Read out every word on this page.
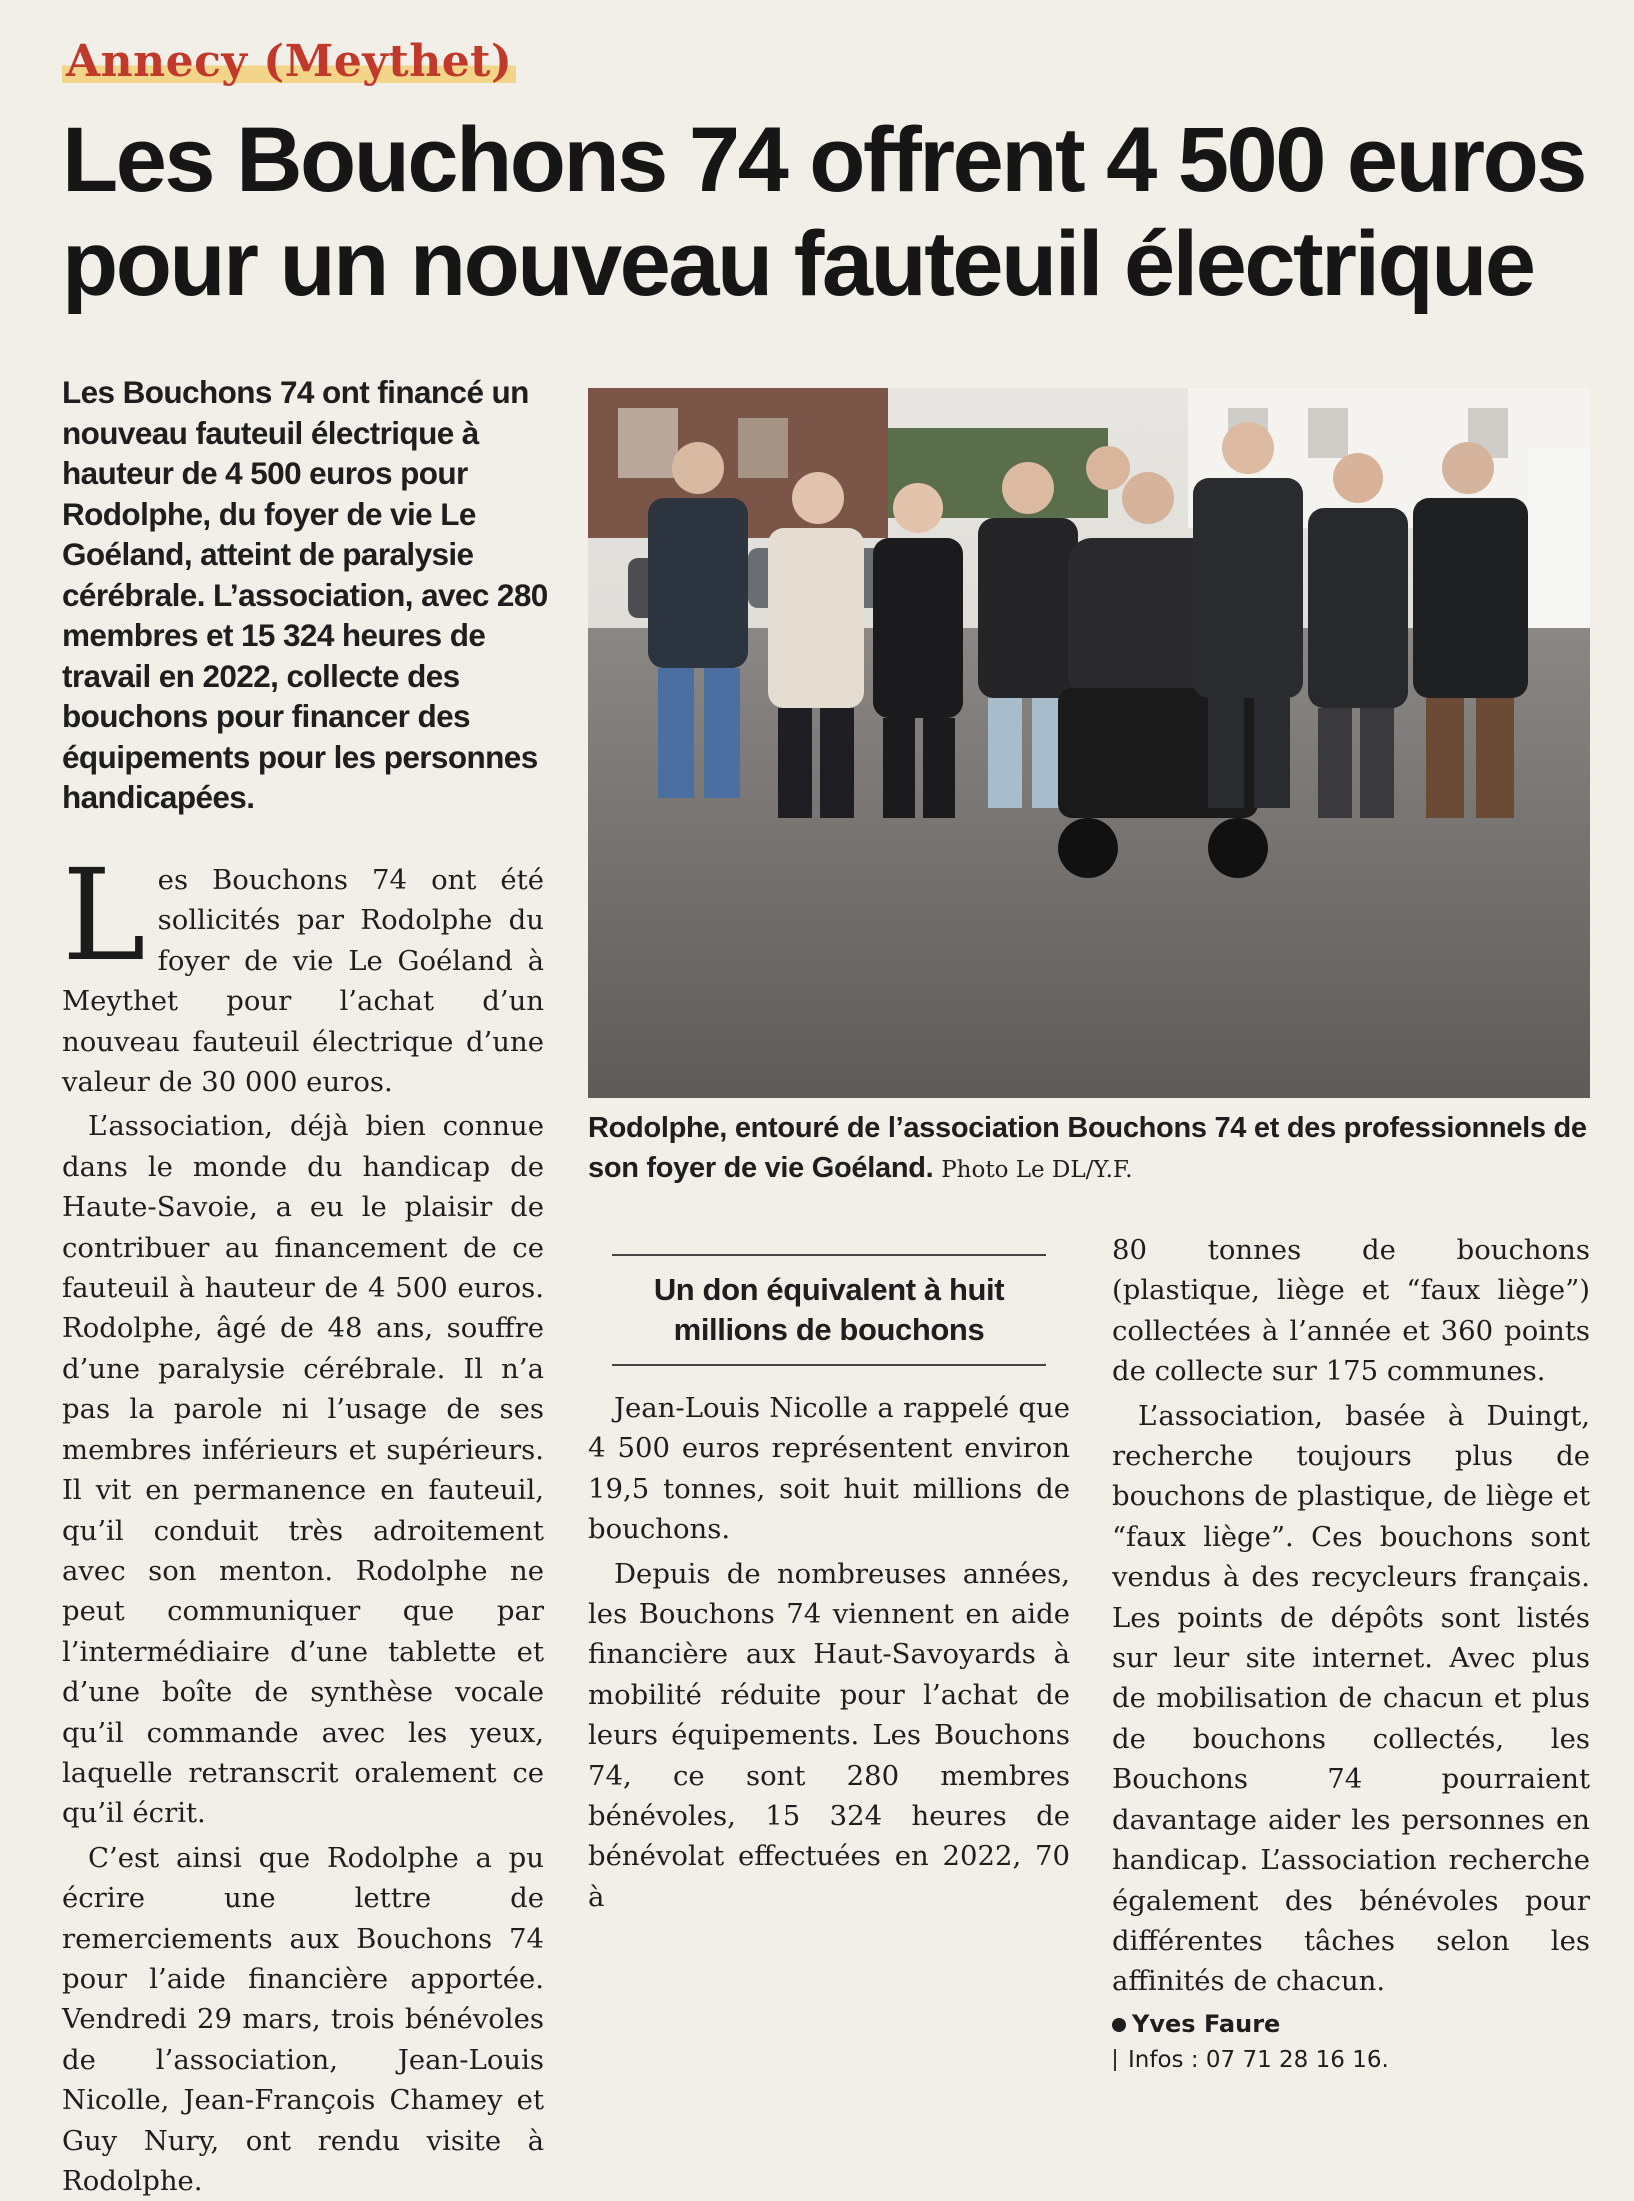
Annecy (Meythet)
Les Bouchons 74 offrent 4 500 euros
pour un nouveau fauteuil électrique
Les Bouchons 74 ont financé un nouveau fauteuil électrique à hauteur de 4 500 euros pour Rodolphe, du foyer de vie Le Goéland, atteint de paralysie cérébrale. L’association, avec 280 membres et 15 324 heures de travail en 2022, collecte des bouchons pour financer des équipements pour les personnes handicapées.
Rodolphe, entouré de l’association Bouchons 74 et des professionnels de son foyer de vie Goéland. Photo Le DL/Y.F.

Les Bouchons 74 ont été sollicités par Rodolphe du foyer de vie Le Goéland à Meythet pour l’achat d’un nouveau fauteuil électrique d’une valeur de 30 000 euros.

L’association, déjà bien connue dans le monde du handicap de Haute-Savoie, a eu le plaisir de contribuer au financement de ce fauteuil à hauteur de 4 500 euros. Rodolphe, âgé de 48 ans, souffre d’une paralysie cérébrale. Il n’a pas la parole ni l’usage de ses membres inférieurs et supérieurs. Il vit en permanence en fauteuil, qu’il conduit très adroitement avec son menton. Rodolphe ne peut communiquer que par l’intermédiaire d’une tablette et d’une boîte de synthèse vocale qu’il commande avec les yeux, laquelle retranscrit oralement ce qu’il écrit.

C’est ainsi que Rodolphe a pu écrire une lettre de remerciements aux Bouchons 74 pour l’aide financière apportée. Vendredi 29 mars, trois bénévoles de l’association, Jean-Louis Nicolle, Jean-François Chamey et Guy Nury, ont rendu visite à Rodolphe.

Un don équivalent à huit millions de bouchons

Jean-Louis Nicolle a rappelé que 4 500 euros représentent environ 19,5 tonnes, soit huit millions de bouchons.

Depuis de nombreuses années, les Bouchons 74 viennent en aide financière aux Haut-Savoyards à mobilité réduite pour l’achat de leurs équipements. Les Bouchons 74, ce sont 280 membres bénévoles, 15 324 heures de bénévolat effectuées en 2022, 70 à

80 tonnes de bouchons (plastique, liège et “faux liège”) collectées à l’année et 360 points de collecte sur 175 communes.

L’association, basée à Duingt, recherche toujours plus de bouchons de plastique, de liège et “faux liège”. Ces bouchons sont vendus à des recycleurs français. Les points de dépôts sont listés sur leur site internet. Avec plus de mobilisation de chacun et plus de bouchons collectés, les Bouchons 74 pourraient davantage aider les personnes en handicap. L’association recherche également des bénévoles pour différentes tâches selon les affinités de chacun.

Yves Faure
Infos : 07 71 28 16 16.
